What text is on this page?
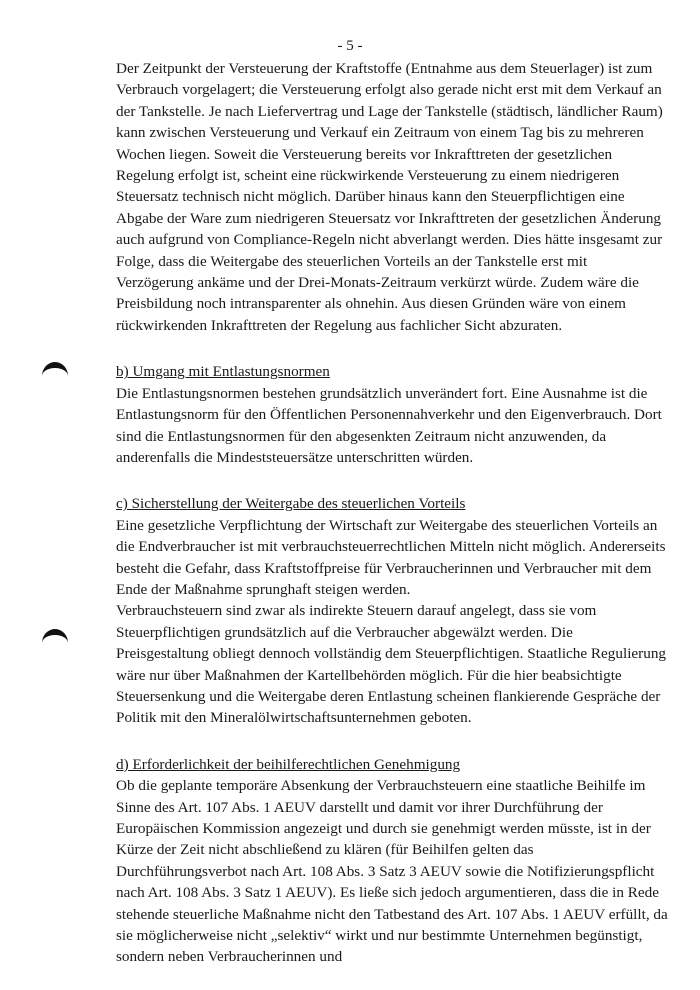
- 5 -

Der Zeitpunkt der Versteuerung der Kraftstoffe (Entnahme aus dem Steuerlager) ist zum Verbrauch vorgelagert; die Versteuerung erfolgt also gerade nicht erst mit dem Verkauf an der Tankstelle. Je nach Liefervertrag und Lage der Tankstelle (städtisch, ländlicher Raum) kann zwischen Versteuerung und Verkauf ein Zeitraum von einem Tag bis zu mehreren Wochen liegen. Soweit die Versteuerung bereits vor Inkrafttreten der gesetzlichen Regelung erfolgt ist, scheint eine rückwirkende Versteuerung zu einem niedrigeren Steuersatz technisch nicht möglich. Darüber hinaus kann den Steuerpflichtigen eine Abgabe der Ware zum niedrigeren Steuersatz vor Inkrafttreten der gesetzlichen Änderung auch aufgrund von Compliance-Regeln nicht abverlangt werden. Dies hätte insgesamt zur Folge, dass die Weitergabe des steuerlichen Vorteils an der Tankstelle erst mit Verzögerung ankäme und der Drei-Monats-Zeitraum verkürzt würde. Zudem wäre die Preisbildung noch intransparenter als ohnehin. Aus diesen Gründen wäre von einem rückwirkenden Inkrafttreten der Regelung aus fachlicher Sicht abzuraten.

b) Umgang mit Entlastungsnormen

Die Entlastungsnormen bestehen grundsätzlich unverändert fort. Eine Ausnahme ist die Entlastungsnorm für den Öffentlichen Personennahverkehr und den Eigenverbrauch. Dort sind die Entlastungsnormen für den abgesenkten Zeitraum nicht anzuwenden, da anderenfalls die Mindeststeuersätze unterschritten würden.

c) Sicherstellung der Weitergabe des steuerlichen Vorteils

Eine gesetzliche Verpflichtung der Wirtschaft zur Weitergabe des steuerlichen Vorteils an die Endverbraucher ist mit verbrauchsteuerrechtlichen Mitteln nicht möglich. Andererseits besteht die Gefahr, dass Kraftstoffpreise für Verbraucherinnen und Verbraucher mit dem Ende der Maßnahme sprunghaft steigen werden.

Verbrauchsteuern sind zwar als indirekte Steuern darauf angelegt, dass sie vom Steuerpflichtigen grundsätzlich auf die Verbraucher abgewälzt werden. Die Preisgestaltung obliegt dennoch vollständig dem Steuerpflichtigen. Staatliche Regulierung wäre nur über Maßnahmen der Kartellbehörden möglich. Für die hier beabsichtigte Steuersenkung und die Weitergabe deren Entlastung scheinen flankierende Gespräche der Politik mit den Mineralölwirtschaftsunternehmen geboten.

d) Erforderlichkeit der beihilferechtlichen Genehmigung

Ob die geplante temporäre Absenkung der Verbrauchsteuern eine staatliche Beihilfe im Sinne des Art. 107 Abs. 1 AEUV darstellt und damit vor ihrer Durchführung der Europäischen Kommission angezeigt und durch sie genehmigt werden müsste, ist in der Kürze der Zeit nicht abschließend zu klären (für Beihilfen gelten das Durchführungsverbot nach Art. 108 Abs. 3 Satz 3 AEUV sowie die Notifizierungspflicht nach Art. 108 Abs. 3 Satz 1 AEUV). Es ließe sich jedoch argumentieren, dass die in Rede stehende steuerliche Maßnahme nicht den Tatbestand des Art. 107 Abs. 1 AEUV erfüllt, da sie möglicherweise nicht „selektiv“ wirkt und nur bestimmte Unternehmen begünstigt, sondern neben Verbraucherinnen und
